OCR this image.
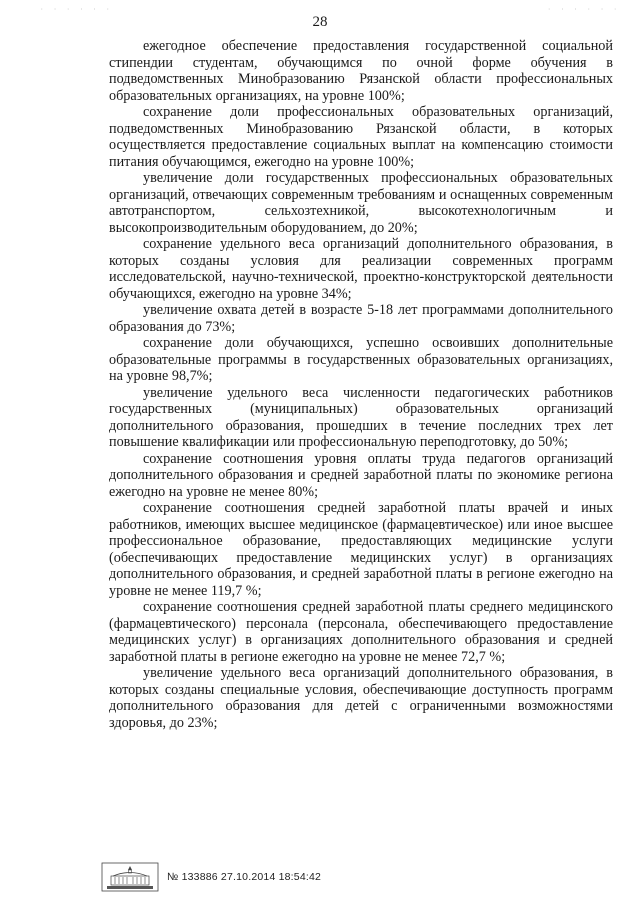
· · · · · ·	· · · · · ·
28

ежегодное обеспечение предоставления государственной социальной стипендии студентам, обучающимся по очной форме обучения в подведомственных Минобразованию Рязанской области профессиональных образовательных организациях, на уровне 100%;

сохранение доли профессиональных образовательных организаций, подведомственных Минобразованию Рязанской области, в которых осуществляется предоставление социальных выплат на компенсацию стоимости питания обучающимся, ежегодно на уровне 100%;

увеличение доли государственных профессиональных образовательных организаций, отвечающих современным требованиям и оснащенных современным автотранспортом, сельхозтехникой, высокотехнологичным и высокопроизводительным оборудованием, до 20%;

сохранение удельного веса организаций дополнительного образования, в которых созданы условия для реализации современных программ исследовательской, научно-технической, проектно-конструкторской деятельности обучающихся, ежегодно на уровне 34%;

увеличение охвата детей в возрасте 5-18 лет программами дополнительного образования до 73%;

сохранение доли обучающихся, успешно освоивших дополнительные образовательные программы в государственных образовательных организациях, на уровне 98,7%;

увеличение удельного веса численности педагогических работников государственных (муниципальных) образовательных организаций дополнительного образования, прошедших в течение последних трех лет повышение квалификации или профессиональную переподготовку, до 50%;

сохранение соотношения уровня оплаты труда педагогов организаций дополнительного образования и средней заработной платы по экономике региона ежегодно на уровне не менее 80%;

сохранение соотношения средней заработной платы врачей и иных работников, имеющих высшее медицинское (фармацевтическое) или иное высшее профессиональное образование, предоставляющих медицинские услуги (обеспечивающих предоставление медицинских услуг) в организациях дополнительного образования, и средней заработной платы в регионе ежегодно на уровне не менее 119,7 %;

сохранение соотношения средней заработной платы среднего медицинского (фармацевтического) персонала (персонала, обеспечивающего предоставление медицинских услуг) в организациях дополнительного образования и средней заработной платы в регионе ежегодно на уровне не менее 72,7 %;

увеличение удельного веса организаций дополнительного образования, в которых созданы специальные условия, обеспечивающие доступность программ дополнительного образования для детей с ограниченными возможностями здоровья, до 23%;

№ 133886 27.10.2014 18:54:42
